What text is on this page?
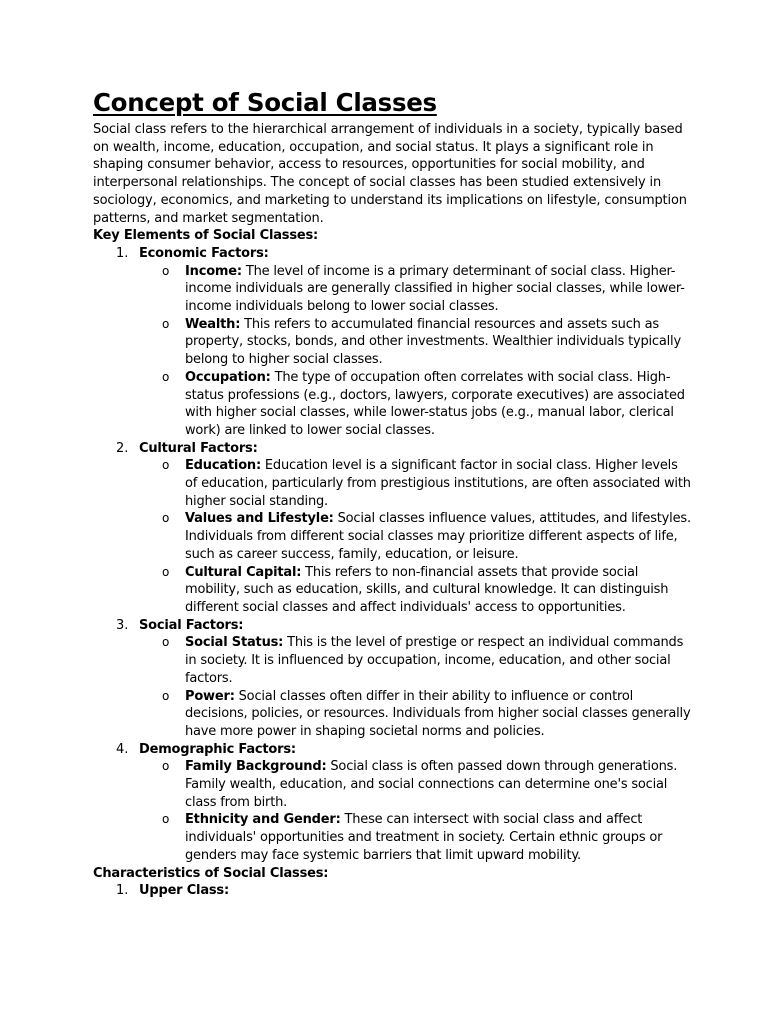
Concept of Social Classes

Social class refers to the hierarchical arrangement of individuals in a society, typically based on wealth, income, education, occupation, and social status. It plays a significant role in shaping consumer behavior, access to resources, opportunities for social mobility, and interpersonal relationships. The concept of social classes has been studied extensively in sociology, economics, and marketing to understand its implications on lifestyle, consumption patterns, and market segmentation.

Key Elements of Social Classes:

1. Economic Factors:
o Income: The level of income is a primary determinant of social class. Higher-income individuals are generally classified in higher social classes, while lower-income individuals belong to lower social classes.
o Wealth: This refers to accumulated financial resources and assets such as property, stocks, bonds, and other investments. Wealthier individuals typically belong to higher social classes.
o Occupation: The type of occupation often correlates with social class. High-status professions (e.g., doctors, lawyers, corporate executives) are associated with higher social classes, while lower-status jobs (e.g., manual labor, clerical work) are linked to lower social classes.
2. Cultural Factors:
o Education: Education level is a significant factor in social class. Higher levels of education, particularly from prestigious institutions, are often associated with higher social standing.
o Values and Lifestyle: Social classes influence values, attitudes, and lifestyles. Individuals from different social classes may prioritize different aspects of life, such as career success, family, education, or leisure.
o Cultural Capital: This refers to non-financial assets that provide social mobility, such as education, skills, and cultural knowledge. It can distinguish different social classes and affect individuals' access to opportunities.
3. Social Factors:
o Social Status: This is the level of prestige or respect an individual commands in society. It is influenced by occupation, income, education, and other social factors.
o Power: Social classes often differ in their ability to influence or control decisions, policies, or resources. Individuals from higher social classes generally have more power in shaping societal norms and policies.
4. Demographic Factors:
o Family Background: Social class is often passed down through generations. Family wealth, education, and social connections can determine one's social class from birth.
o Ethnicity and Gender: These can intersect with social class and affect individuals' opportunities and treatment in society. Certain ethnic groups or genders may face systemic barriers that limit upward mobility.

Characteristics of Social Classes:

1. Upper Class:
